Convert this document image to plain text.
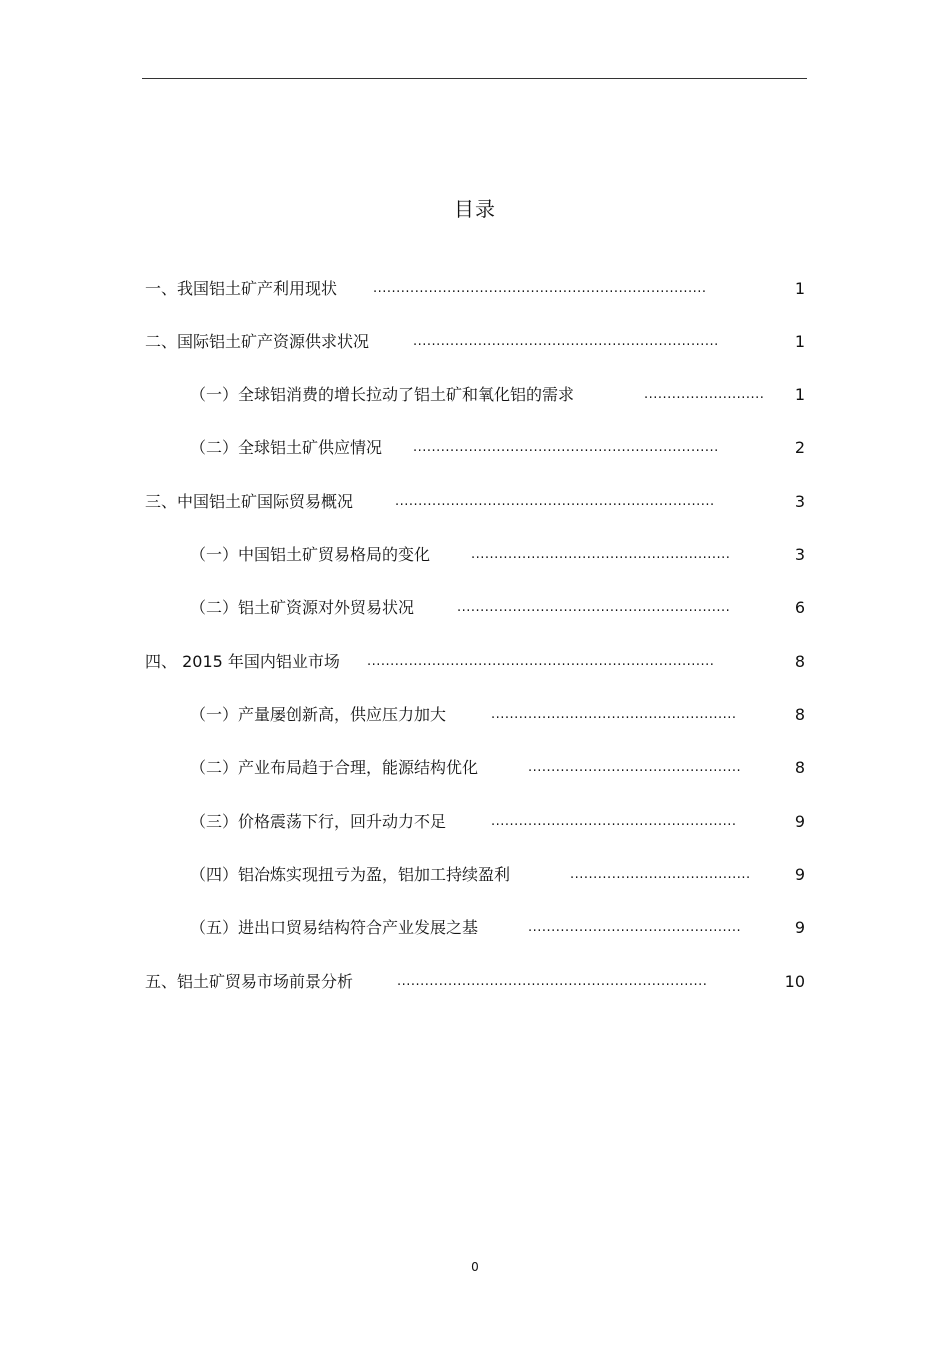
目录
一、我国铝土矿产利用现状	........................................................................	1
二、国际铝土矿产资源供求状况	..................................................................	1
（一）全球铝消费的增长拉动了铝土矿和氧化铝的需求	..........................	1
（二）全球铝土矿供应情况 ..................................................................	2
三、中国铝土矿国际贸易概况	.....................................................................	3
（一）中国铝土矿贸易格局的变化	........................................................	3
（二）铝土矿资源对外贸易状况	...........................................................	6
四、 2015 年国内铝业市场 ...........................................................................	8
（一）产量屡创新高，供应压力加大	.....................................................	8
（二）产业布局趋于合理，能源结构优化	..............................................	8
（三）价格震荡下行，回升动力不足	.....................................................	9
（四）铝冶炼实现扭亏为盈，铝加工持续盈利	.......................................	9
（五）进出口贸易结构符合产业发展之基	..............................................	9
五、铝土矿贸易市场前景分析	...................................................................	10
0
